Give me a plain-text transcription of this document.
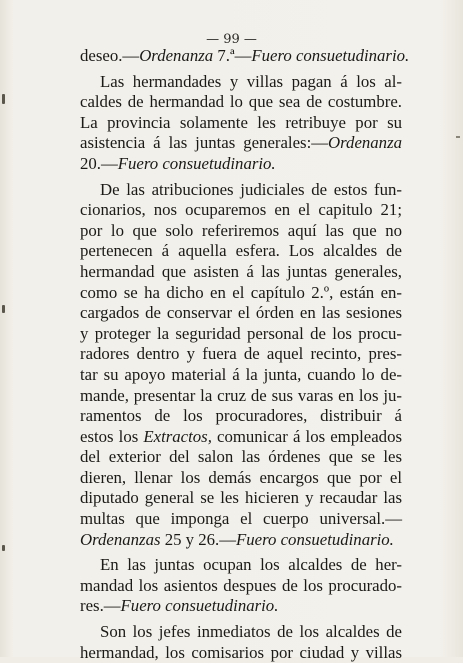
— 99 —
deseo.—Ordenanza 7.ª—Fuero consuetudinario.
Las hermandades y villas pagan á los al-
caldes de hermandad lo que sea de costumbre.
La provincia solamente les retribuye por su
asistencia á las juntas generales:—Ordenanza
20.—Fuero consuetudinario.
De las atribuciones judiciales de estos fun-
cionarios, nos ocuparemos en el capitulo 21;
por lo que solo referiremos aquí las que no
pertenecen á aquella esfera. Los alcaldes de
hermandad que asisten á las juntas generales,
como se ha dicho en el capítulo 2.º, están en-
cargados de conservar el órden en las sesiones
y proteger la seguridad personal de los procu-
radores dentro y fuera de aquel recinto, pres-
tar su apoyo material á la junta, cuando lo de-
mande, presentar la cruz de sus varas en los ju-
ramentos de los procuradores, distribuir á
estos los Extractos, comunicar á los empleados
del exterior del salon las órdenes que se les
dieren, llenar los demás encargos que por el
diputado general se les hicieren y recaudar las
multas que imponga el cuerpo universal.—
Ordenanzas 25 y 26.—Fuero consuetudinario.
En las juntas ocupan los alcaldes de her-
mandad los asientos despues de los procurado-
res.—Fuero consuetudinario.
Son los jefes inmediatos de los alcaldes de
hermandad, los comisarios por ciudad y villas
